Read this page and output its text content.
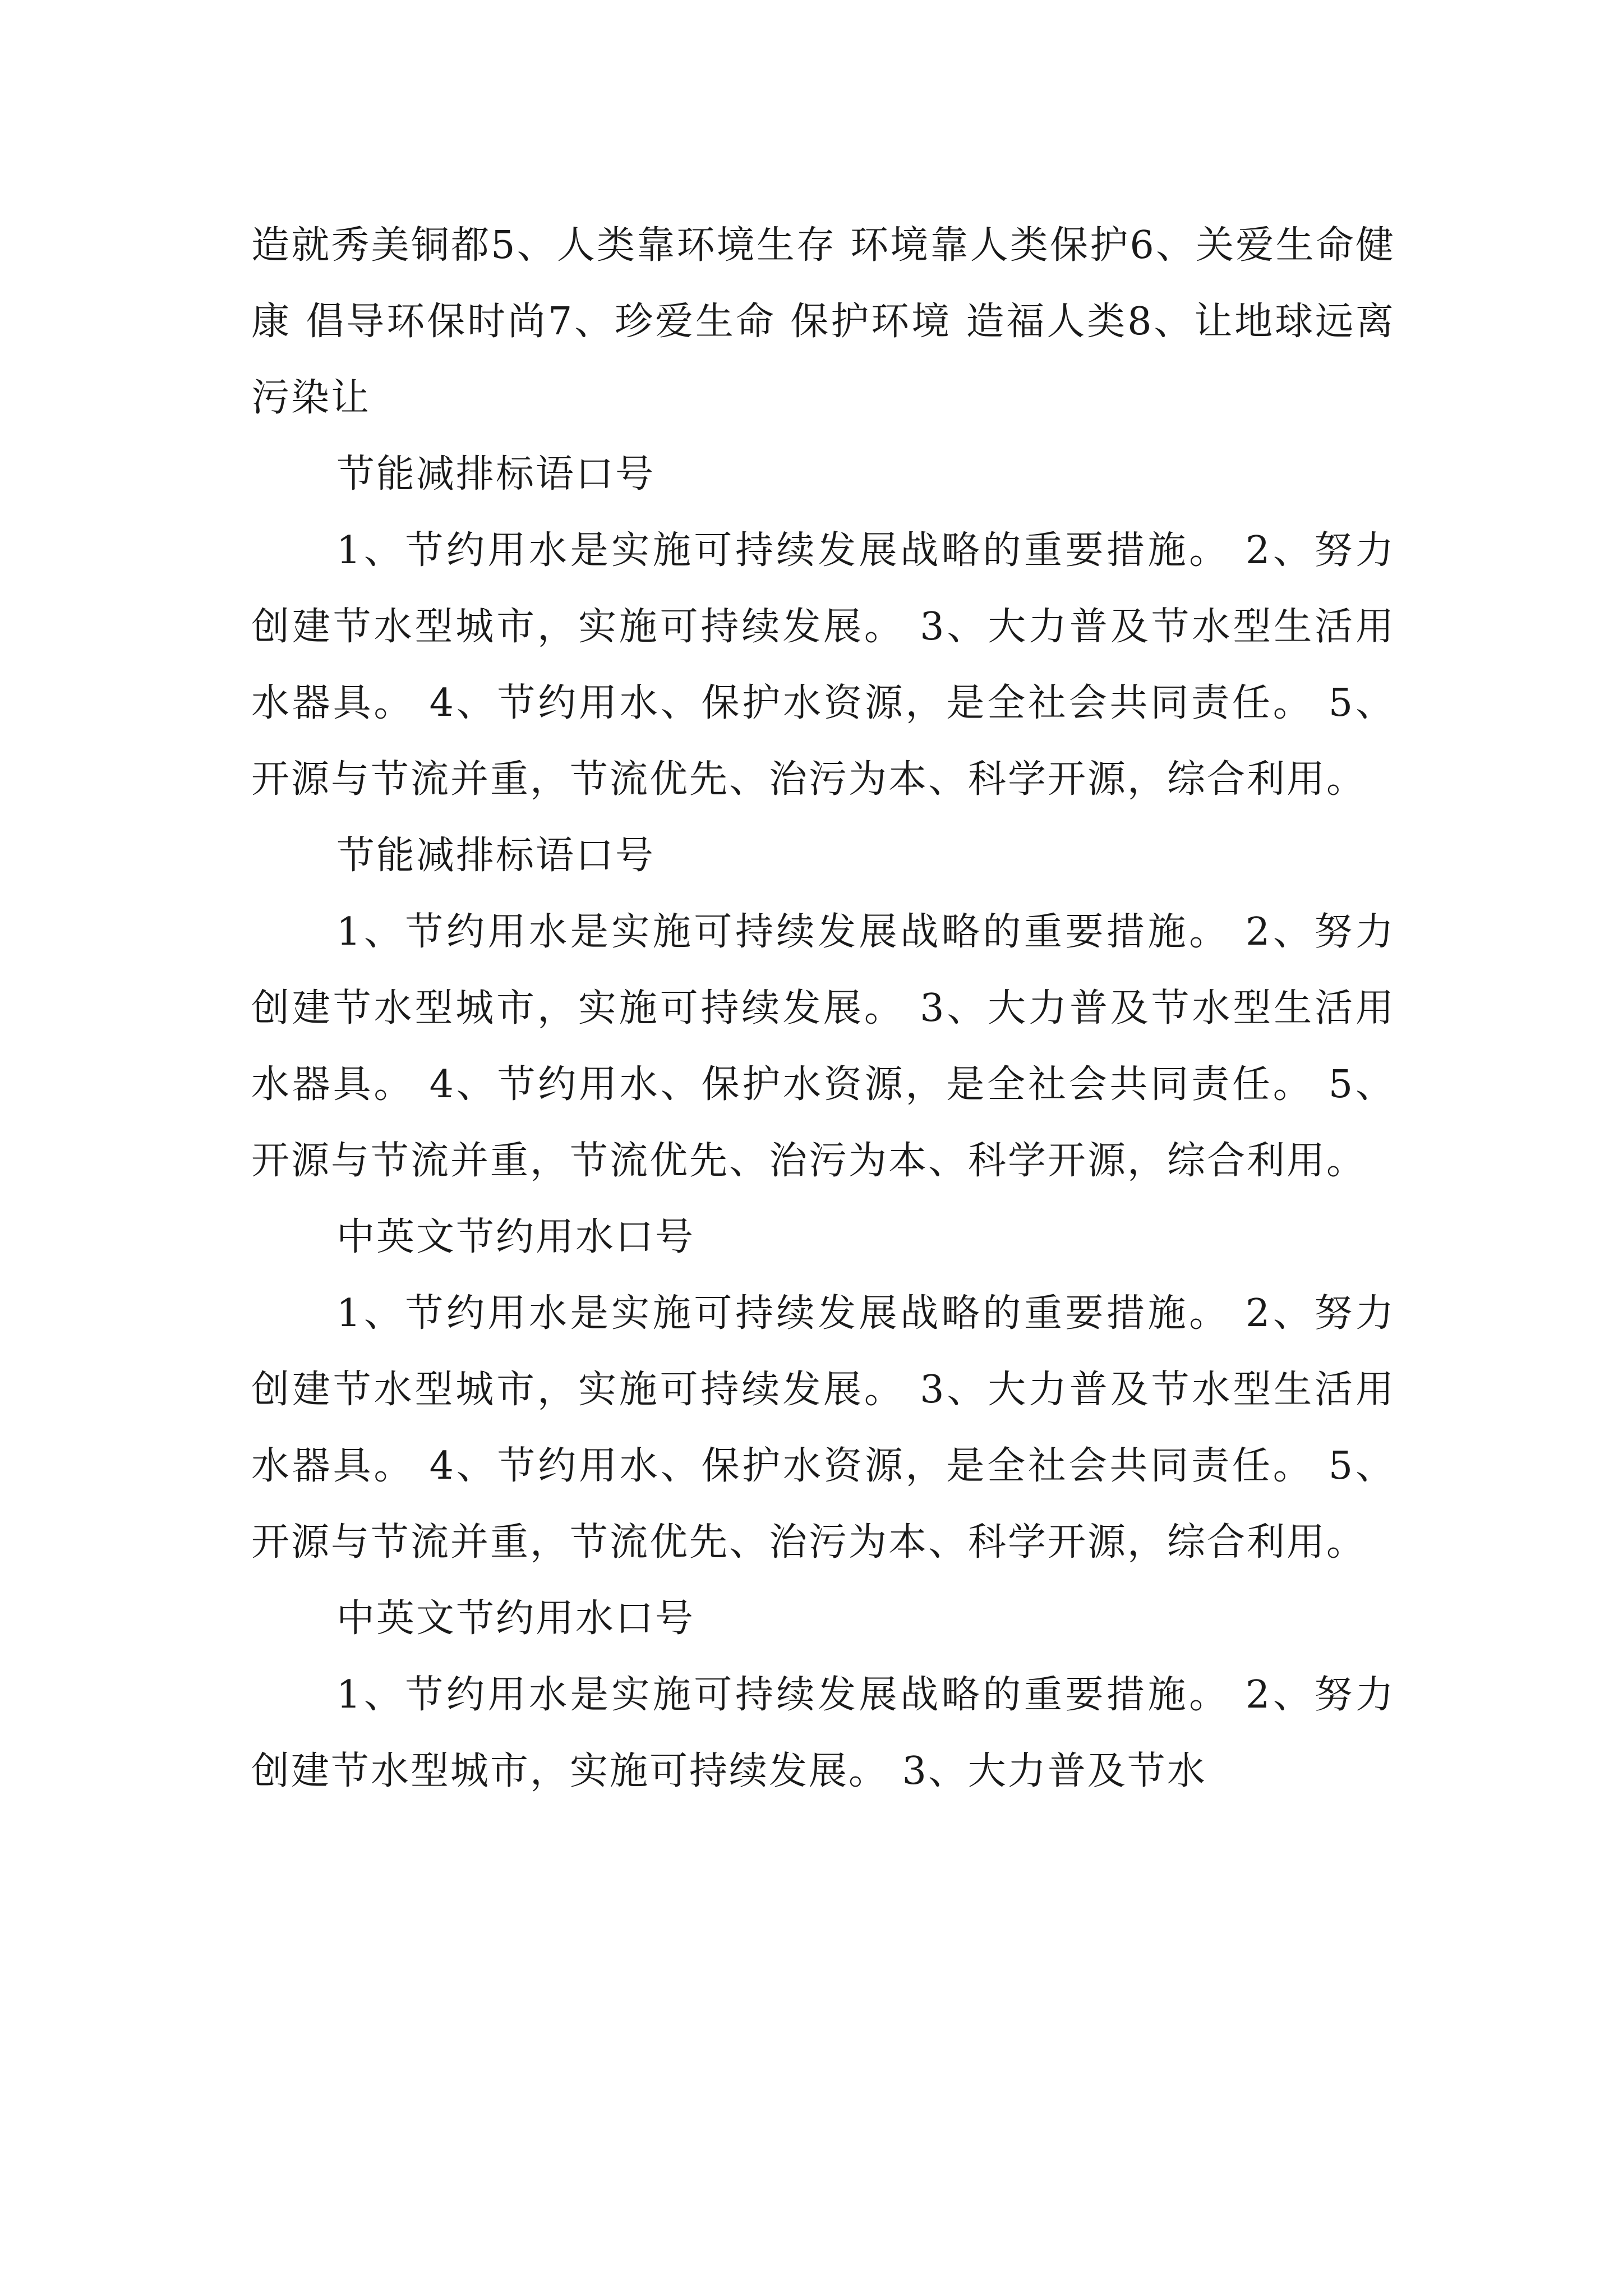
造就秀美铜都5、人类靠环境生存 环境靠人类保护6、关爱生命健康 倡导环保时尚7、珍爱生命 保护环境 造福人类8、让地球远离污染让

节能减排标语口号

1、节约用水是实施可持续发展战略的重要措施。 2、努力创建节水型城市，实施可持续发展。 3、大力普及节水型生活用水器具。 4、节约用水、保护水资源，是全社会共同责任。 5、开源与节流并重，节流优先、治污为本、科学开源，综合利用。

节能减排标语口号

1、节约用水是实施可持续发展战略的重要措施。 2、努力创建节水型城市，实施可持续发展。 3、大力普及节水型生活用水器具。 4、节约用水、保护水资源，是全社会共同责任。 5、开源与节流并重，节流优先、治污为本、科学开源，综合利用。

中英文节约用水口号

1、节约用水是实施可持续发展战略的重要措施。 2、努力创建节水型城市，实施可持续发展。 3、大力普及节水型生活用水器具。 4、节约用水、保护水资源，是全社会共同责任。 5、开源与节流并重，节流优先、治污为本、科学开源，综合利用。

中英文节约用水口号

1、节约用水是实施可持续发展战略的重要措施。 2、努力创建节水型城市，实施可持续发展。 3、大力普及节水
